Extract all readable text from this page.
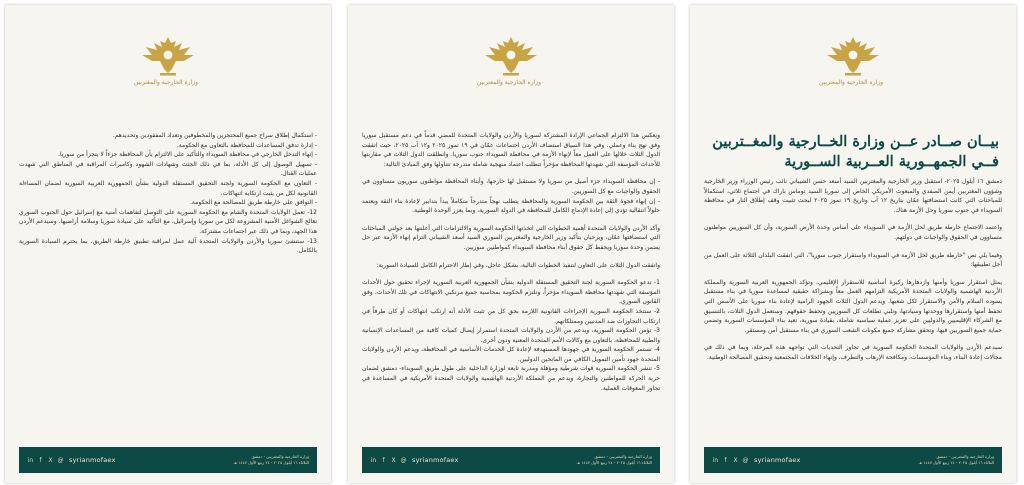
وزارة الخارجية والمغتربين
بيــان صــادر عــن وزارة الخــارجية والمغــتربين
فــي الجمهــورية العــربية الســورية

دمشق ١٦ أيلول ٢٠٢٥- استقبل وزير الخارجية والمغتربين السيد أسعد حسن الشيباني نائب رئيس الوزراء وزير الخارجية وشؤون المغتربين أيمن الصفدي والمبعوث الأمريكي الخاص إلى سوريا السيد توماس باراك في اجتماع ثلاثي، استكمالاً للمباحثات التي كانت استضافتها عمّان بتاريخ ١٢ آب وتاريخ ١٩ تموز ٢٠٢٥ لبحث تثبيت وقف إطلاق النار في محافظة السويداء في جنوب سوريا وحل الأزمة هناك.

واعتمد الاجتماع خارطة طريق لحل الأزمة في السويداء على أساس وحدة الأرض السورية، وأن كل السوريين مواطنون متساوون في الحقوق والواجبات في دولتهم.

وفيما يلي نص "خارطة طريق لحل الأزمة في السويداء واستقرار جنوب سوريا"، التي اتفقت البلدان الثلاثة على العمل من أجل تطبيقها:

يمثل استقرار سوريا وأمنها وازدهارها ركيزة أساسية للاستقرار الإقليمي، وتؤكد الجمهورية العربية السورية والمملكة الأردنية الهاشمية والولايات المتحدة الأمريكية التزامهم العمل معاً وبشراكة حقيقية لمساعدة سوريا في بناء مستقبل يسوده السلام والأمن والاستقرار لكل شعبها. ويدعم الدول الثلاث الجهود الرامية لإعادة بناء سوريا على الأسس التي تحفظ أمنها واستقرارها ووحدتها وسيادتها، وتلبي تطلعات كل السوريين وتحفظ حقوقهم. وستعمل الدول الثلاث، بالتنسيق مع الشركاء الإقليميين والدوليين على تعزيز عملية سياسية شاملة، بقيادة سورية، تعيد بناء المؤسسات السورية وتضمن حماية جميع السوريين فيها، وتحقق مشاركة جميع مكونات الشعب السوري في بناء مستقبل آمن ومستقر.

سيدعم الأردن والولايات المتحدة الحكومة السورية في تجاوز التحديات التي تواجهه هذه المرحلة، وبما في ذلك في مجالات إعادة البناء، وبناء المؤسسات، ومكافحة الإرهاب والتطرف، وإنهاء الخلافات المجتمعية وتحقيق المصالحة الوطنية.

in	f	X @ syrianmofaex	وزارة الخارجية والمغتربين - دمشق
الثلاثاء ١٦ أيلول ٢٠٢٥ - ٢٤ ربيع الأول ١٤٤٧ هـ
وزارة الخارجية والمغتربين

ويعكس هذا الالتزام الجماعي الإرادة المشتركة لسوريا والأردن والولايات المتحدة للمضي قدماً في دعم مستقبل سوريا وفق نهج بناء وعملي. وفي هذا السياق استضاف الأردن اجتماعات عمّان في ١٩ تموز ٢٠٢٥ و١٢ آب ٢٠٢٥، حيث اتفقت الدول الثلاث خلالها على العمل معاً لإنهاء الأزمة في محافظة السويداء جنوب سوريا. وانطلقت الدول الثلاث في مقاربتها للأحداث المؤسفة التي شهدتها المحافظة مؤخراً تتطلب اعتماد منهجية شاملة متدرجة تتناولها وفق المبادئ التالية:

- إن محافظة السويداء جزء أصيل من سوريا ولا مستقبل لها خارجها، وأبناء المحافظة مواطنون سوريون متساوون في الحقوق والواجبات مع كل السوريين.

- إن إنهاء فجوة الثقة بين الحكومة السورية والمحافظة يتطلب نهجاً متدرجاً متكاملاً يبدأ بتدابير لإعادة بناء الثقة ويعتمد حلولاً انتقالية تؤدي إلى إعادة الإدماج الكامل للمحافظة في الدولة السورية، وبما يعزز الوحدة الوطنية.

وأكد الأردن والولايات المتحدة أهمية الخطوات التي اتخذتها الحكومة السورية والالتزامات التي أعلنتها بعد جولتي المباحثات التي استضافتها عمّان، ويرحبان بتأكيد وزير الخارجية والمغتربين السوري السيد أسعد الشيباني التزام إنهاء الأزمة عبر حل يضمن وحدة سوريا ويحفظ كل حقوق أبناء محافظة السويداء كمواطنين سوريين.

واتفقت الدول الثلاث على التعاون لتنفيذ الخطوات التالية، بشكل عاجل، وفي إطار الاحترام الكامل للسيادة السورية:

1- تدعو الحكومة السورية لجنة التحقيق المستقلة الدولية بشأن الجمهورية العربية السورية لإجراء تحقيق حول الأحداث المؤسفة التي شهدتها محافظة السويداء مؤخراً، وتلتزم الحكومة بمحاسبة جميع مرتكبي الانتهاكات في تلك الأحداث، وفق القانون السوري.

2- ستتخذ الحكومة السورية الإجراءات القانونية اللازمة بحق كل من تثبت الأدلة أنه ارتكب انتهاكات أو كان طرفاً في ارتكاب التجاوزات ضد المدنيين وممتلكاتهم.

3- تؤمن الحكومة السورية، وبدعم من الأردن والولايات المتحدة استمرار إيصال كميات كافية من المساعدات الإنسانية والطبية للمحافظة، بالتعاون مع وكالات الأمم المتحدة المعنية ودون أخرى.

4- تستمر الحكومة السورية في جهودها المستهدفة لإعادة كل الخدمات الأساسية في المحافظة، ويدعم الأردن والولايات المتحدة جهود تأمين التمويل الكافي من المانحين الدوليين.

5- تنشر الحكومة السورية قوات شرطية ومؤهلة ومدربة تابعة لوزارة الداخلية على طول طريق السويداء- دمشق لضمان حرية الحركة للمواطنين والتجارة، وبدعم من المملكة الأردنية الهاشمية والولايات المتحدة الأمريكية في المساعدة في تجاوز المعوقات العملية.

in	f	X @ syrianmofaex	وزارة الخارجية والمغتربين - دمشق
الثلاثاء ١٦ أيلول ٢٠٢٥ - ٢٤ ربيع الأول ١٤٤٧ هـ
وزارة الخارجية والمغتربين

- استكمال إطلاق سراح جميع المحتجزين والمخطوفين وتعداد المفقودين وتحديدهم.

- إدارة تدفق المساعدات للمحافظة بالتعاون مع الحكومة.

- إنهاء التدخل الخارجي في محافظة السويداء والتأكيد على الالتزام بأن المحافظة جزءاً لا يتجزأ من سوريا.

- تسهيل الوصول إلى كل الأدلة، بما في ذلك الجثث وشهادات الشهود وكاميرات المراقبة في المناطق التي شهدت عمليات القتال.

- التعاون مع الحكومة السورية ولجنة التحقيق المستقلة الدولية بشأن الجمهورية العربية السورية لضمان المساءلة القانونية لكل من يثبت ارتكابه انتهاكات.

- التوافق على خارطة طريق للمصالحة مع الحكومة.

12- تعمل الولايات المتحدة والشام مع الحكومة السورية على التوصل لتفاهمات أمنية مع إسرائيل حول الجنوب السوري تعالج الشواغل الأمنية المشروعة لكل من سوريا وإسرائيل، مع التأكيد على سيادة سوريا وسلامة أراضيها. وسيدعم الأردن هذا الجهد، وبما في ذلك عبر اجتماعات مشتركة.

13- ستنشئ سوريا والأردن والولايات المتحدة آلية عمل لمراقبة تطبيق خارطة الطريق، بما يحترم السيادة السورية بالكامل.

in	f	X @ syrianmofaex	وزارة الخارجية والمغتربين - دمشق
الثلاثاء ١٦ أيلول ٢٠٢٥ - ٢٤ ربيع الأول ١٤٤٧ هـ
